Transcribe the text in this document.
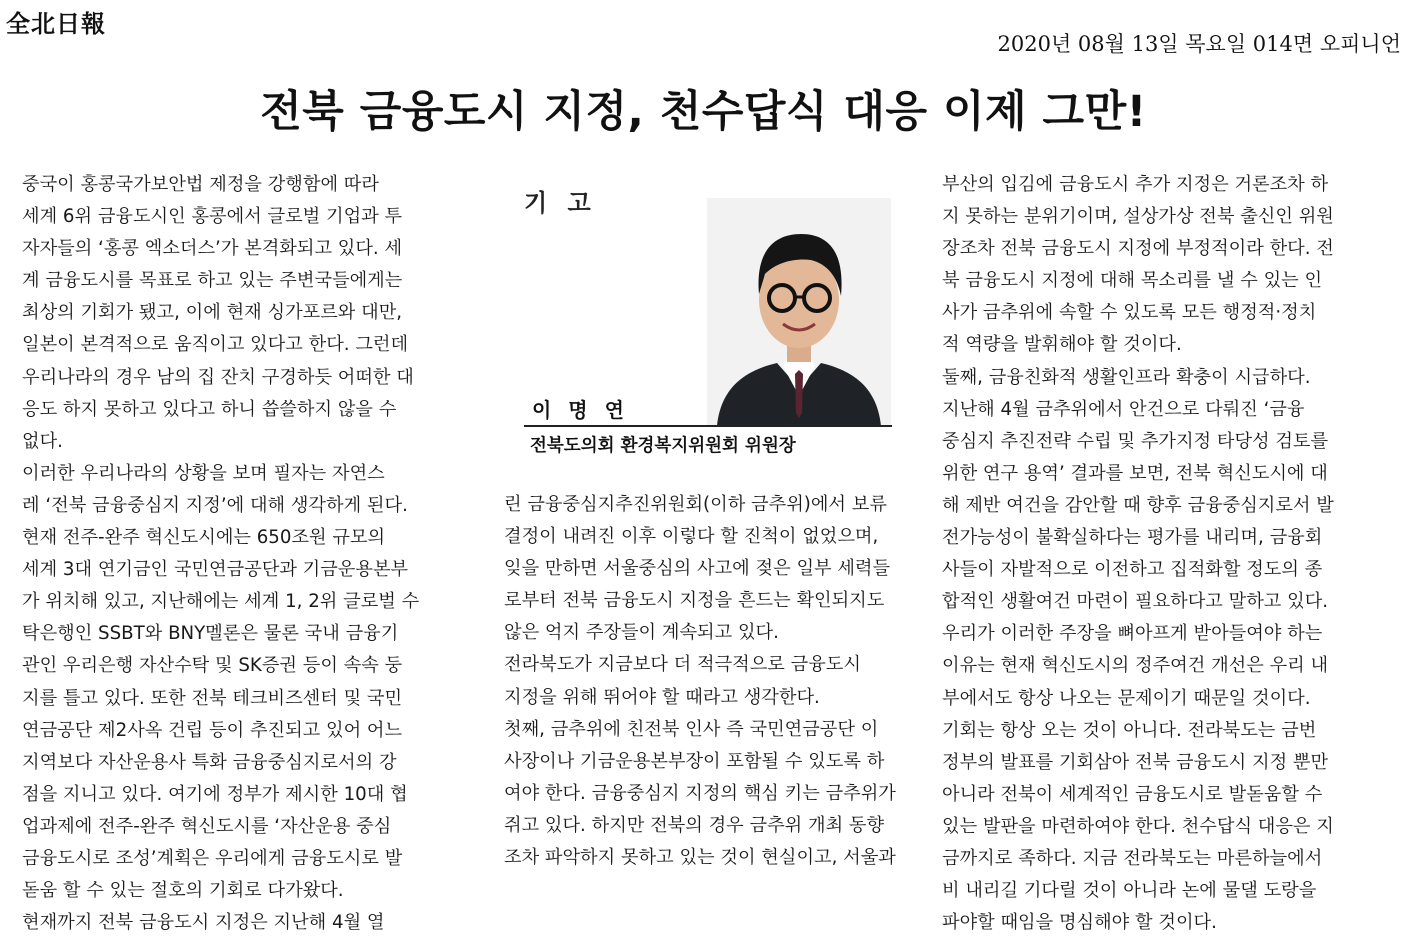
全北日報
2020년 08월 13일 목요일 014면 오피니언
전북 금융도시 지정, 천수답식 대응 이제 그만!
중국이 홍콩국가보안법 제정을 강행함에 따라
세계 6위 금융도시인 홍콩에서 글로벌 기업과 투
자자들의 ‘홍콩 엑소더스’가 본격화되고 있다. 세
계 금융도시를 목표로 하고 있는 주변국들에게는
최상의 기회가 됐고, 이에 현재 싱가포르와 대만,
일본이 본격적으로 움직이고 있다고 한다. 그런데
우리나라의 경우 남의 집 잔치 구경하듯 어떠한 대
응도 하지 못하고 있다고 하니 씁쓸하지 않을 수
없다.
이러한 우리나라의 상황을 보며 필자는 자연스
레 ‘전북 금융중심지 지정’에 대해 생각하게 된다.
현재 전주-완주 혁신도시에는 650조원 규모의
세계 3대 연기금인 국민연금공단과 기금운용본부
가 위치해 있고, 지난해에는 세계 1, 2위 글로벌 수
탁은행인 SSBT와 BNY멜론은 물론 국내 금융기
관인 우리은행 자산수탁 및 SK증권 등이 속속 둥
지를 틀고 있다. 또한 전북 테크비즈센터 및 국민
연금공단 제2사옥 건립 등이 추진되고 있어 어느
지역보다 자산운용사 특화 금융중심지로서의 강
점을 지니고 있다. 여기에 정부가 제시한 10대 협
업과제에 전주-완주 혁신도시를 ‘자산운용 중심
금융도시로 조성’계획은 우리에게 금융도시로 발
돋움 할 수 있는 절호의 기회로 다가왔다.
현재까지 전북 금융도시 지정은 지난해 4월 열
기 고
이 명 연
전북도의회 환경복지위원회 위원장
린 금융중심지추진위원회(이하 금추위)에서 보류
결정이 내려진 이후 이렇다 할 진척이 없었으며,
잊을 만하면 서울중심의 사고에 젖은 일부 세력들
로부터 전북 금융도시 지정을 흔드는 확인되지도
않은 억지 주장들이 계속되고 있다.
전라북도가 지금보다 더 적극적으로 금융도시
지정을 위해 뛰어야 할 때라고 생각한다.
첫째, 금추위에 친전북 인사 즉 국민연금공단 이
사장이나 기금운용본부장이 포함될 수 있도록 하
여야 한다. 금융중심지 지정의 핵심 키는 금추위가
쥐고 있다. 하지만 전북의 경우 금추위 개최 동향
조차 파악하지 못하고 있는 것이 현실이고, 서울과
부산의 입김에 금융도시 추가 지정은 거론조차 하
지 못하는 분위기이며, 설상가상 전북 출신인 위원
장조차 전북 금융도시 지정에 부정적이라 한다. 전
북 금융도시 지정에 대해 목소리를 낼 수 있는 인
사가 금추위에 속할 수 있도록 모든 행정적·정치
적 역량을 발휘해야 할 것이다.
둘째, 금융친화적 생활인프라 확충이 시급하다.
지난해 4월 금추위에서 안건으로 다뤄진 ‘금융
중심지 추진전략 수립 및 추가지정 타당성 검토를
위한 연구 용역’ 결과를 보면, 전북 혁신도시에 대
해 제반 여건을 감안할 때 향후 금융중심지로서 발
전가능성이 불확실하다는 평가를 내리며, 금융회
사들이 자발적으로 이전하고 집적화할 정도의 종
합적인 생활여건 마련이 필요하다고 말하고 있다.
우리가 이러한 주장을 뼈아프게 받아들여야 하는
이유는 현재 혁신도시의 정주여건 개선은 우리 내
부에서도 항상 나오는 문제이기 때문일 것이다.
기회는 항상 오는 것이 아니다. 전라북도는 금번
정부의 발표를 기회삼아 전북 금융도시 지정 뿐만
아니라 전북이 세계적인 금융도시로 발돋움할 수
있는 발판을 마련하여야 한다. 천수답식 대응은 지
금까지로 족하다. 지금 전라북도는 마른하늘에서
비 내리길 기다릴 것이 아니라 논에 물댈 도랑을
파야할 때임을 명심해야 할 것이다.
